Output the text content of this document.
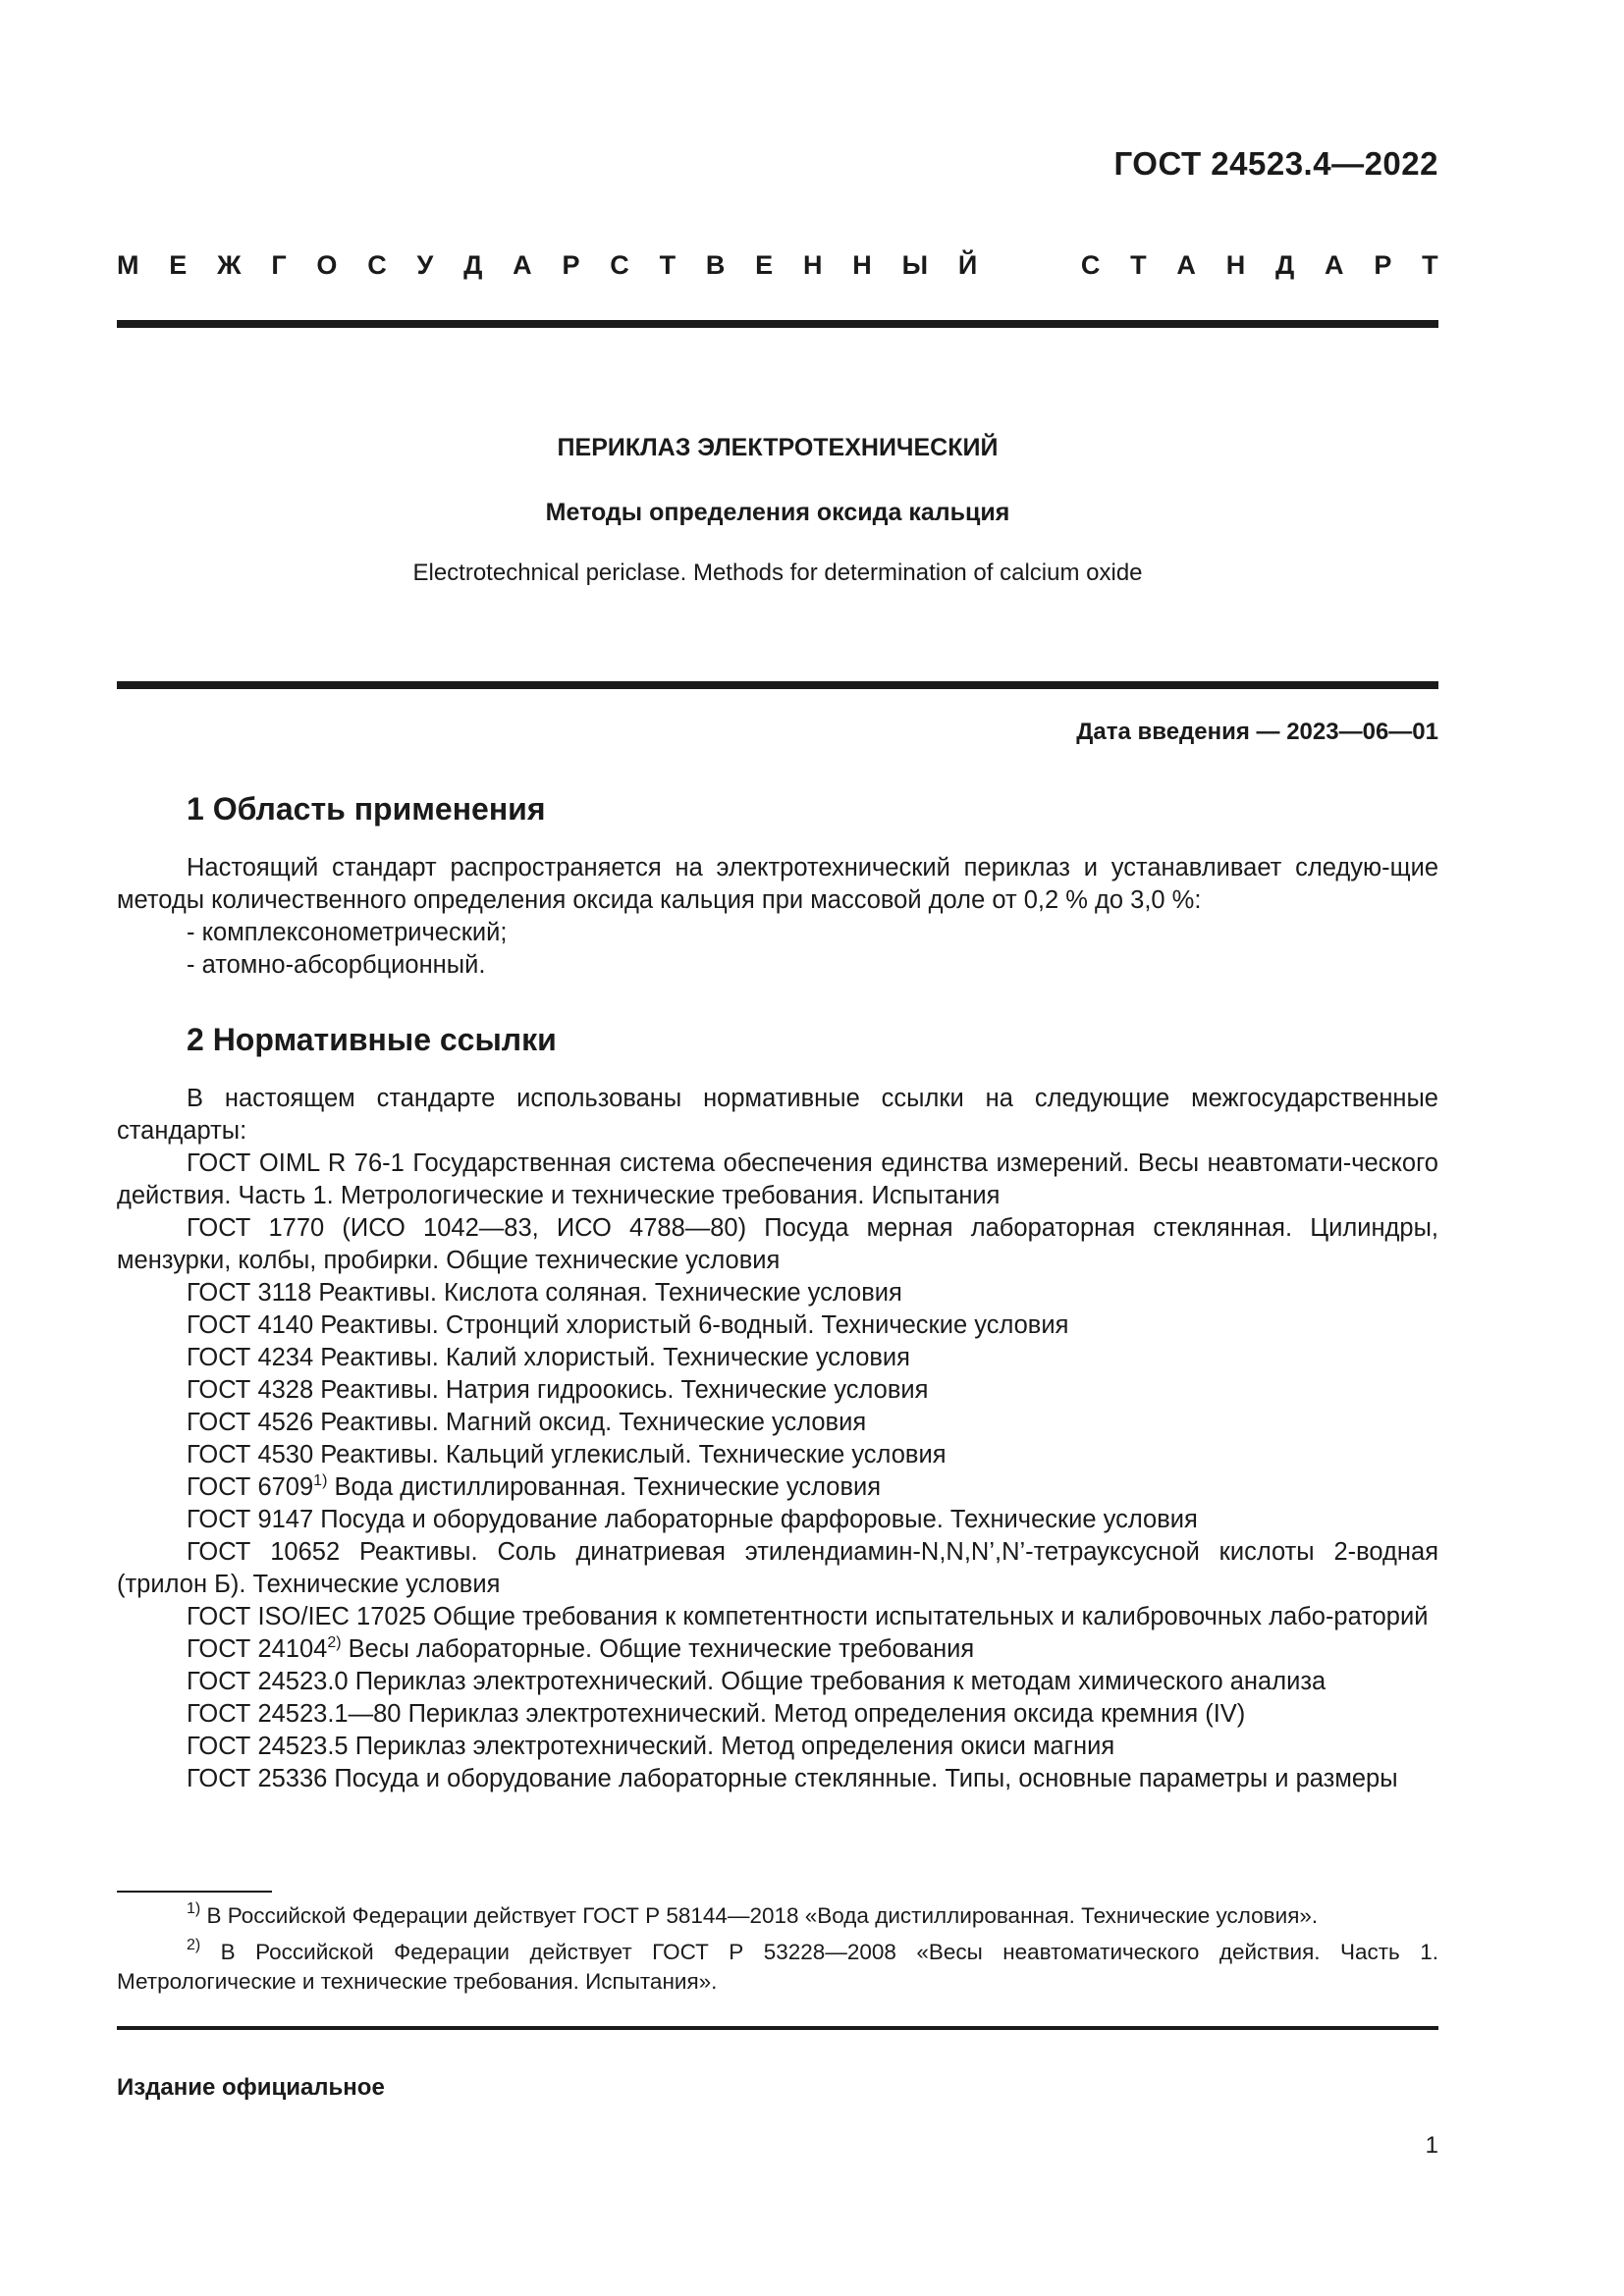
ГОСТ 24523.4—2022
М Е Ж Г О С У Д А Р С Т В Е Н Н Ы Й	С Т А Н Д А Р Т
ПЕРИКЛАЗ ЭЛЕКТРОТЕХНИЧЕСКИЙ
Методы определения оксида кальция
Electrotechnical periclase. Methods for determination of calcium oxide
Дата введения — 2023—06—01
1 Область применения

Настоящий стандарт распространяется на электротехнический периклаз и устанавливает следую-щие методы количественного определения оксида кальция при массовой доле от 0,2 % до 3,0 %:

- комплексонометрический;

- атомно-абсорбционный.

2 Нормативные ссылки

В настоящем стандарте использованы нормативные ссылки на следующие межгосударственные стандарты:

ГОСТ OIML R 76-1 Государственная система обеспечения единства измерений. Весы неавтомати-ческого действия. Часть 1. Метрологические и технические требования. Испытания

ГОСТ 1770 (ИСО 1042—83, ИСО 4788—80) Посуда мерная лабораторная стеклянная. Цилиндры, мензурки, колбы, пробирки. Общие технические условия

ГОСТ 3118 Реактивы. Кислота соляная. Технические условия

ГОСТ 4140 Реактивы. Стронций хлористый 6-водный. Технические условия

ГОСТ 4234 Реактивы. Калий хлористый. Технические условия

ГОСТ 4328 Реактивы. Натрия гидроокись. Технические условия

ГОСТ 4526 Реактивы. Магний оксид. Технические условия

ГОСТ 4530 Реактивы. Кальций углекислый. Технические условия

ГОСТ 6709$^{1)}$ Вода дистиллированная. Технические условия

ГОСТ 9147 Посуда и оборудование лабораторные фарфоровые. Технические условия

ГОСТ 10652 Реактивы. Соль динатриевая этилендиамин-N,N,N’,N’-тетрауксусной кислоты 2-водная (трилон Б). Технические условия

ГОСТ ISO/IEC 17025 Общие требования к компетентности испытательных и калибровочных лабо-раторий

ГОСТ 24104$^{2)}$ Весы лабораторные. Общие технические требования

ГОСТ 24523.0 Периклаз электротехнический. Общие требования к методам химического анализа

ГОСТ 24523.1—80 Периклаз электротехнический. Метод определения оксида кремния (IV)

ГОСТ 24523.5 Периклаз электротехнический. Метод определения окиси магния

ГОСТ 25336 Посуда и оборудование лабораторные стеклянные. Типы, основные параметры и размеры

$^{1)}$ В Российской Федерации действует ГОСТ Р 58144—2018 «Вода дистиллированная. Технические условия».

$^{2)}$ В Российской Федерации действует ГОСТ Р 53228—2008 «Весы неавтоматического действия. Часть 1. Метрологические и технические требования. Испытания».

Издание официальное
1
